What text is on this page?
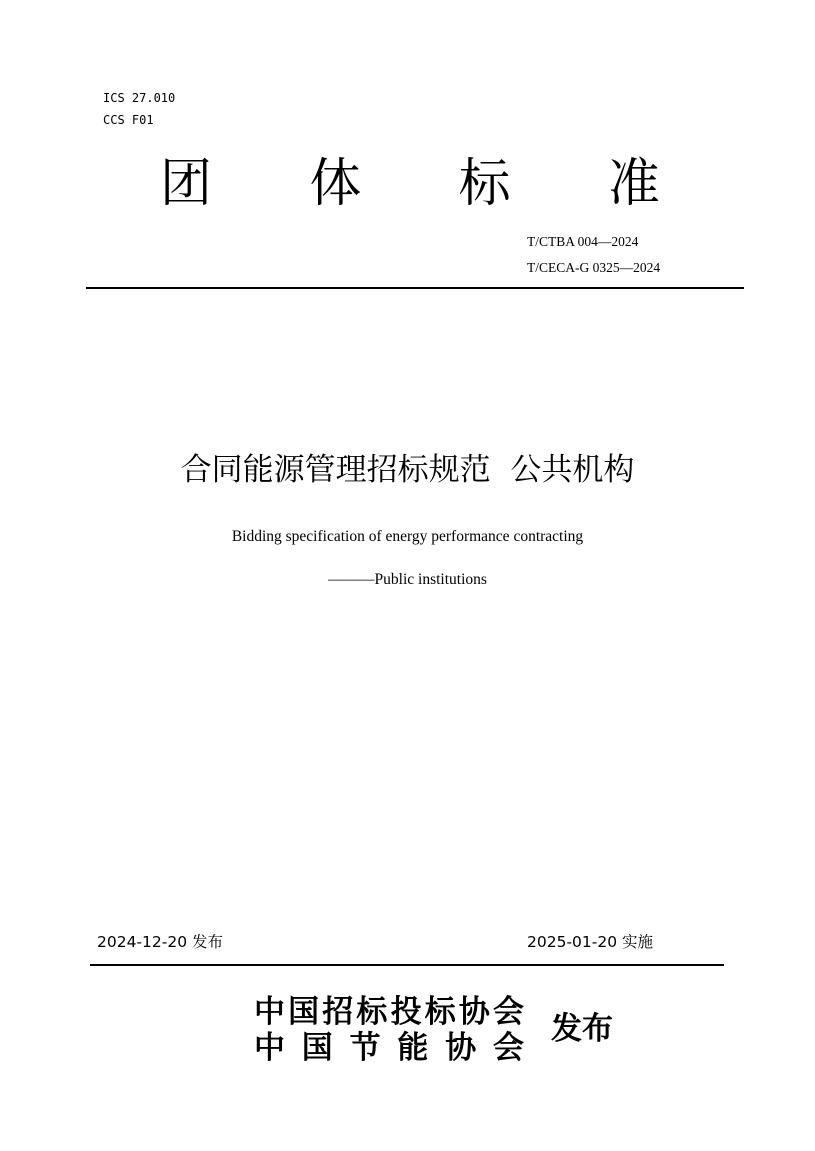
ICS 27.010
CCS F01
团 体 标 准
T/CTBA 004—2024
T/CECA-G 0325—2024
合同能源管理招标规范  公共机构
Bidding specification of energy performance contracting
———Public institutions
2024-12-20 发布	2025-01-20 实施
中 国 招 标 投 标 协 会
中 国 节 能 协 会
发布
